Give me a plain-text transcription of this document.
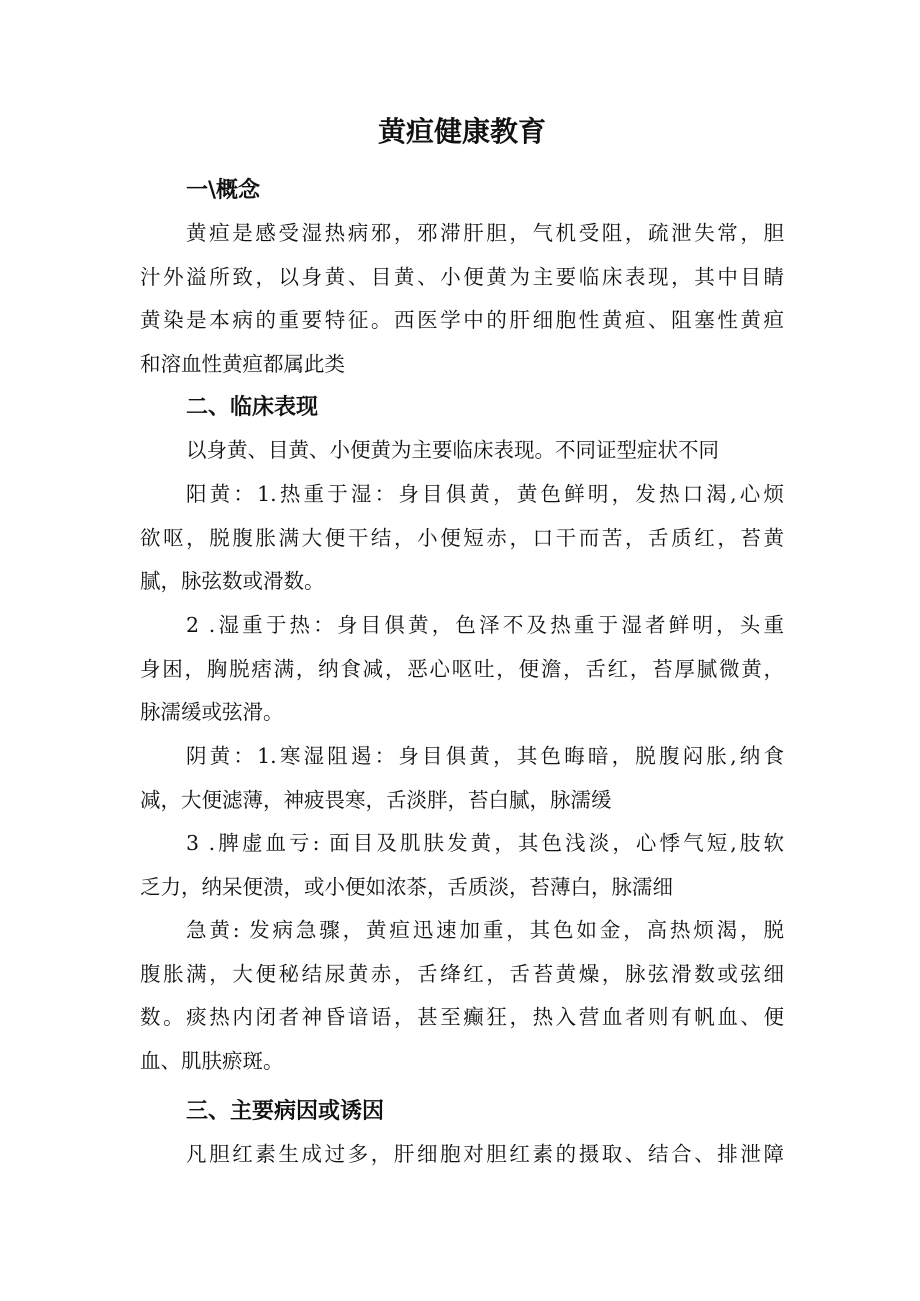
黄疸健康教育
一\概念

黄疸是感受湿热病邪，邪滞肝胆，气机受阻，疏泄失常，胆
汁外溢所致，以身黄、目黄、小便黄为主要临床表现，其中目睛
黄染是本病的重要特征。西医学中的肝细胞性黄疸、阻塞性黄疸
和溶血性黄疸都属此类

二、临床表现

以身黄、目黄、小便黄为主要临床表现。不同证型症状不同

阳黄：1.热重于湿：身目俱黄，黄色鲜明，发热口渴,心烦
欲呕，脱腹胀满大便干结，小便短赤，口干而苦，舌质红，苔黄
腻，脉弦数或滑数。

2 .湿重于热：身目俱黄，色泽不及热重于湿者鲜明，头重
身困，胸脱痞满，纳食减，恶心呕吐，便澹，舌红，苔厚腻微黄，
脉濡缓或弦滑。

阴黄：1.寒湿阻遏：身目俱黄，其色晦暗，脱腹闷胀,纳食
减，大便滤薄，神疲畏寒，舌淡胖，苔白腻，脉濡缓

3 .脾虚血亏: 面目及肌肤发黄，其色浅淡，心悸气短,肢软
乏力，纳呆便溃，或小便如浓茶，舌质淡，苔薄白，脉濡细

急黄: 发病急骤，黄疸迅速加重，其色如金，高热烦渴，脱
腹胀满，大便秘结尿黄赤，舌绛红，舌苔黄燥，脉弦滑数或弦细
数。痰热内闭者神昏谙语，甚至癫狂，热入营血者则有帆血、便
血、肌肤瘀斑。

三、主要病因或诱因

凡胆红素生成过多，肝细胞对胆红素的摄取、结合、排泄障
